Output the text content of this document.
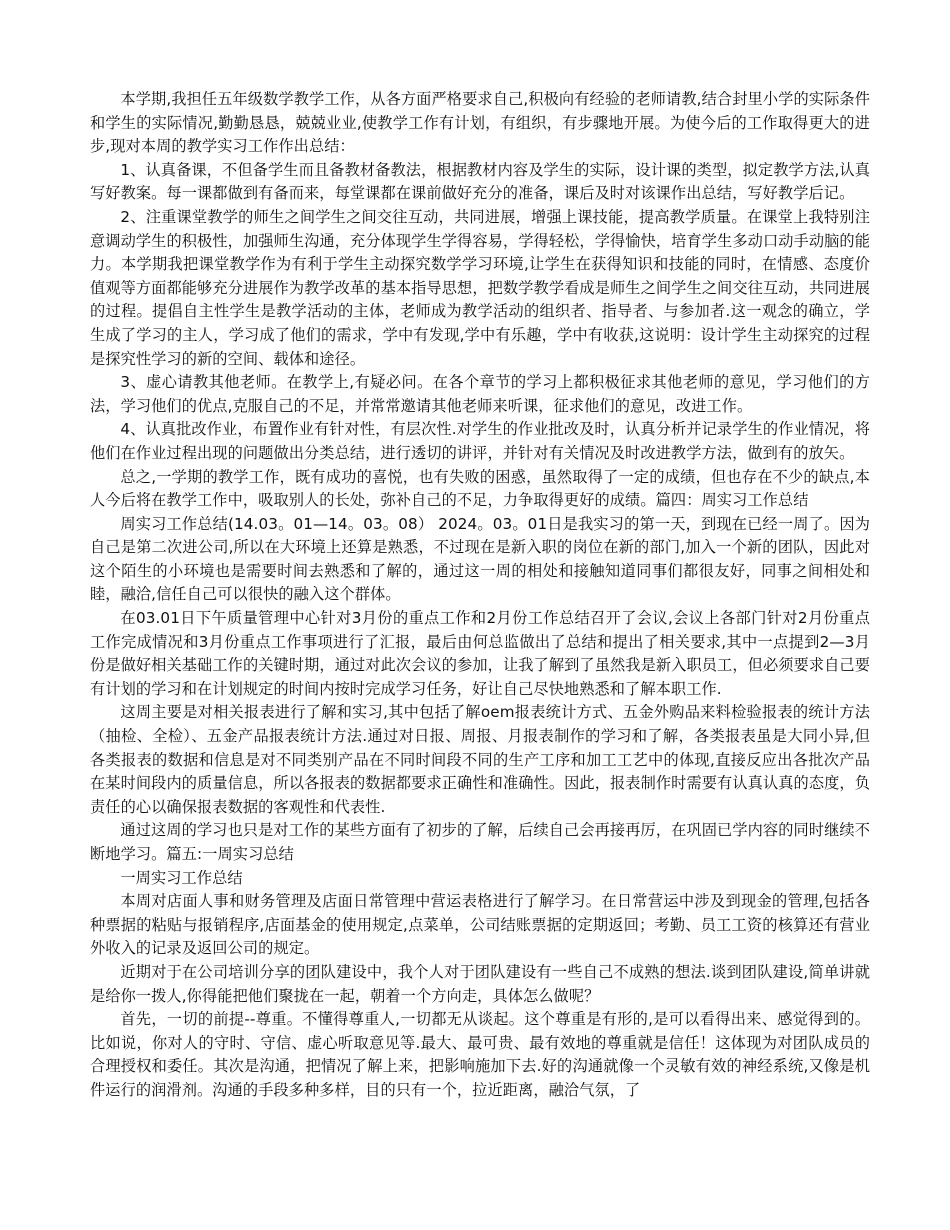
本学期,我担任五年级数学教学工作，从各方面严格要求自己,积极向有经验的老师请教,结合封里小学的实际条件和学生的实际情况,勤勤恳恳，兢兢业业,使教学工作有计划，有组织，有步骤地开展。为使今后的工作取得更大的进步,现对本周的教学实习工作作出总结：

1、认真备课，不但备学生而且备教材备教法，根据教材内容及学生的实际，设计课的类型，拟定教学方法,认真写好教案。每一课都做到有备而来，每堂课都在课前做好充分的准备，课后及时对该课作出总结，写好教学后记。

2、注重课堂教学的师生之间学生之间交往互动，共同进展，增强上课技能，提高教学质量。在课堂上我特别注意调动学生的积极性，加强师生沟通，充分体现学生学得容易，学得轻松，学得愉快，培育学生多动口动手动脑的能力。本学期我把课堂教学作为有利于学生主动探究数学学习环境,让学生在获得知识和技能的同时，在情感、态度价值观等方面都能够充分进展作为教学改革的基本指导思想，把数学教学看成是师生之间学生之间交往互动，共同进展的过程。提倡自主性学生是教学活动的主体，老师成为教学活动的组织者、指导者、与参加者.这一观念的确立，学生成了学习的主人，学习成了他们的需求，学中有发现,学中有乐趣，学中有收获,这说明：设计学生主动探究的过程是探究性学习的新的空间、载体和途径。

3、虚心请教其他老师。在教学上,有疑必问。在各个章节的学习上都积极征求其他老师的意见，学习他们的方法，学习他们的优点,克服自己的不足，并常常邀请其他老师来听课，征求他们的意见，改进工作。

4、认真批改作业，布置作业有针对性，有层次性.对学生的作业批改及时，认真分析并记录学生的作业情况，将他们在作业过程出现的问题做出分类总结，进行透切的讲评，并针对有关情况及时改进教学方法，做到有的放矢。

总之,一学期的教学工作，既有成功的喜悦，也有失败的困惑，虽然取得了一定的成绩，但也存在不少的缺点,本人今后将在教学工作中，吸取别人的长处，弥补自己的不足，力争取得更好的成绩。篇四：周实习工作总结

周实习工作总结(14.03。01—14。03。08） 2024。03。01日是我实习的第一天，到现在已经一周了。因为自己是第二次进公司,所以在大环境上还算是熟悉，不过现在是新入职的岗位在新的部门,加入一个新的团队，因此对这个陌生的小环境也是需要时间去熟悉和了解的，通过这一周的相处和接触知道同事们都很友好，同事之间相处和睦，融洽,信任自己可以很快的融入这个群体。

在03.01日下午质量管理中心针对3月份的重点工作和2月份工作总结召开了会议,会议上各部门针对2月份重点工作完成情况和3月份重点工作事项进行了汇报，最后由何总监做出了总结和提出了相关要求,其中一点提到2—3月份是做好相关基础工作的关键时期，通过对此次会议的参加，让我了解到了虽然我是新入职员工，但必须要求自己要有计划的学习和在计划规定的时间内按时完成学习任务，好让自己尽快地熟悉和了解本职工作.

这周主要是对相关报表进行了解和实习,其中包括了解oem报表统计方式、五金外购品来料检验报表的统计方法（抽检、全检）、五金产品报表统计方法.通过对日报、周报、月报表制作的学习和了解，各类报表虽是大同小异,但各类报表的数据和信息是对不同类别产品在不同时间段不同的生产工序和加工工艺中的体现,直接反应出各批次产品在某时间段内的质量信息，所以各报表的数据都要求正确性和准确性。因此，报表制作时需要有认真认真的态度，负责任的心以确保报表数据的客观性和代表性.

通过这周的学习也只是对工作的某些方面有了初步的了解，后续自己会再接再厉，在巩固已学内容的同时继续不断地学习。篇五:一周实习总结

一周实习工作总结

本周对店面人事和财务管理及店面日常管理中营运表格进行了解学习。在日常营运中涉及到现金的管理,包括各种票据的粘贴与报销程序,店面基金的使用规定,点菜单，公司结账票据的定期返回；考勤、员工工资的核算还有营业外收入的记录及返回公司的规定。

近期对于在公司培训分享的团队建设中，我个人对于团队建设有一些自己不成熟的想法.谈到团队建设,简单讲就是给你一拨人,你得能把他们聚拢在一起，朝着一个方向走，具体怎么做呢？

首先，一切的前提--尊重。不懂得尊重人,一切都无从谈起。这个尊重是有形的,是可以看得出来、感觉得到的。比如说，你对人的守时、守信、虚心听取意见等.最大、最可贵、最有效地的尊重就是信任！这体现为对团队成员的合理授权和委任。其次是沟通，把情况了解上来，把影响施加下去.好的沟通就像一个灵敏有效的神经系统,又像是机件运行的润滑剂。沟通的手段多种多样，目的只有一个，拉近距离，融洽气氛，了
